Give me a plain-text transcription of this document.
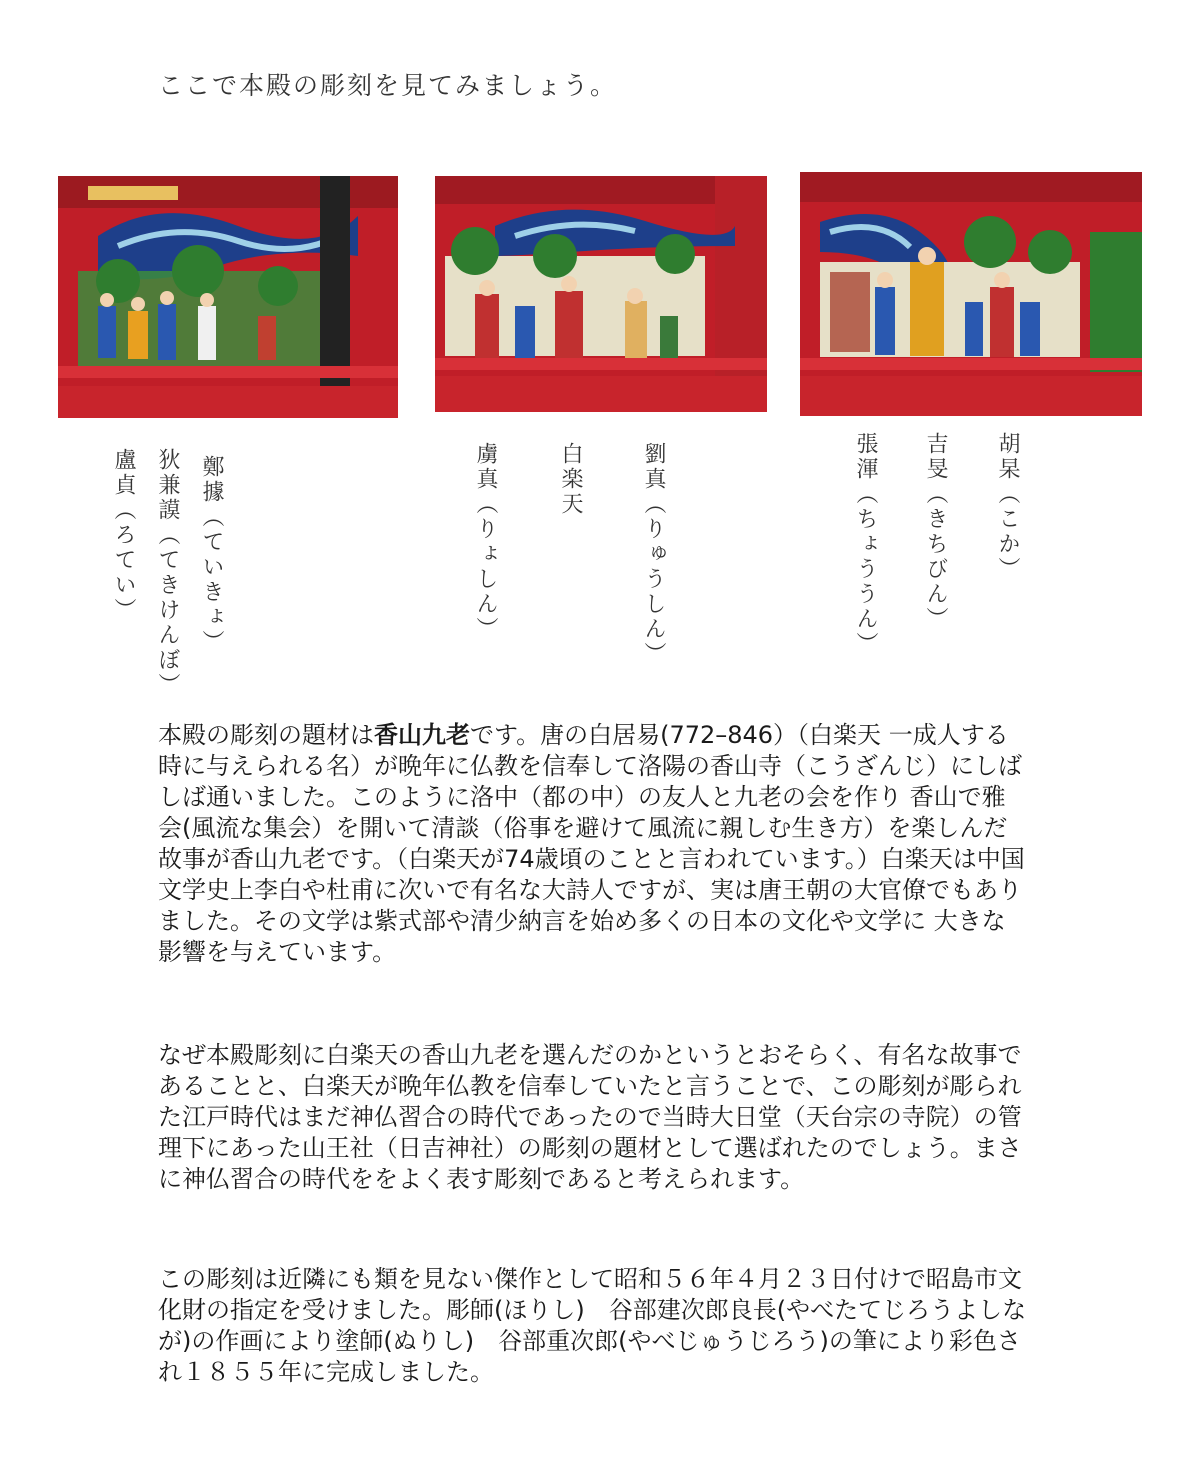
ここで本殿の彫刻を見てみましょう。
鄭據（ていきょ）
狄兼謨（てきけんぼ）
盧貞（ろてい）	劉真（りゅうしん）
白楽天
虜真（りょしん）	胡杲（こか）
吉旻（きちびん）
張渾（ちょううん）

本殿の彫刻の題材は香山九老です。唐の白居易(772–846）（白楽天 一成人する時に与えられる名）が晩年に仏教を信奉して洛陽の香山寺（こうざんじ）にしばしば通いました。このように洛中（都の中）の友人と九老の会を作り 香山で雅会(風流な集会）を開いて清談（俗事を避けて風流に親しむ生き方）を楽しんだ故事が香山九老です。（白楽天が74歳頃のことと言われています。）白楽天は中国文学史上李白や杜甫に次いで有名な大詩人ですが、実は唐王朝の大官僚でもありました。その文学は紫式部や清少納言を始め多くの日本の文化や文学に 大きな影響を与えています。

なぜ本殿彫刻に白楽天の香山九老を選んだのかというとおそらく、有名な故事であることと、白楽天が晩年仏教を信奉していたと言うことで、この彫刻が彫られた江戸時代はまだ神仏習合の時代であったので当時大日堂（天台宗の寺院）の管理下にあった山王社（日吉神社）の彫刻の題材として選ばれたのでしょう。まさに神仏習合の時代ををよく表す彫刻であると考えられます。

この彫刻は近隣にも類を見ない傑作として昭和５６年４月２３日付けで昭島市文化財の指定を受けました。彫師(ほりし)　谷部建次郎良長(やべたてじろうよしなが)の作画により塗師(ぬりし)　谷部重次郎(やべじゅうじろう)の筆により彩色され１８５５年に完成しました。
